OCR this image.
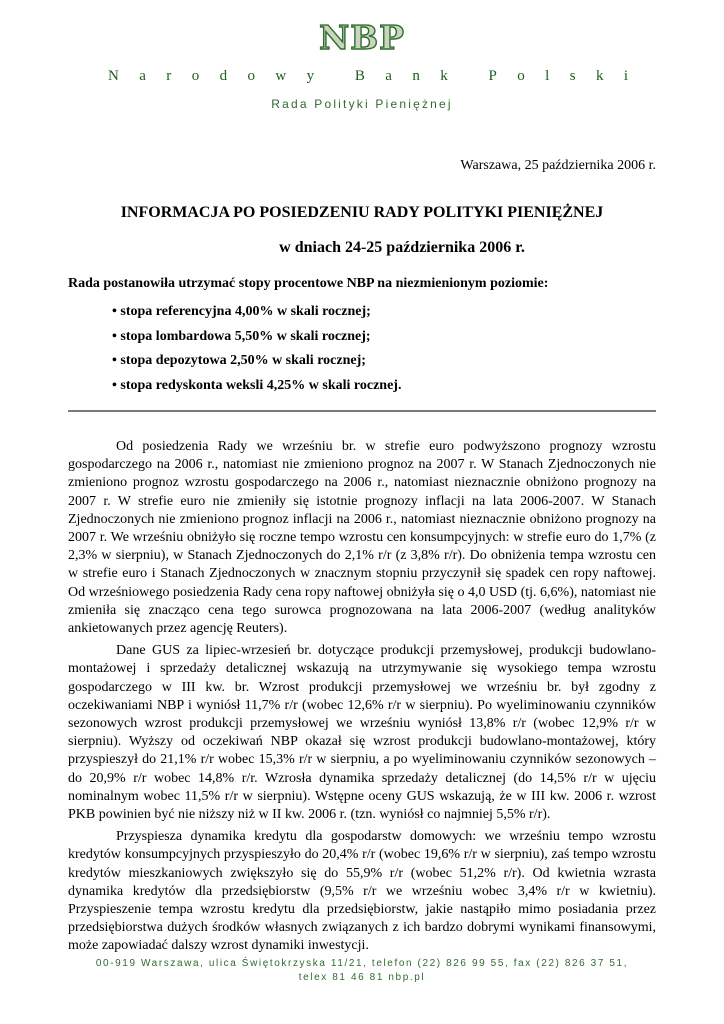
NBP
N a r o d o w y	B a n k	P o l s k i
Rada Polityki Pieniężnej
Warszawa, 25 października 2006 r.
INFORMACJA PO POSIEDZENIU RADY POLITYKI PIENIĘŻNEJ
w dniach 24-25 października 2006 r.
Rada postanowiła utrzymać stopy procentowe NBP na niezmienionym poziomie:
• stopa referencyjna 4,00% w skali rocznej;
• stopa lombardowa 5,50% w skali rocznej;
• stopa depozytowa 2,50% w skali rocznej;
• stopa redyskonta weksli 4,25% w skali rocznej.

Od posiedzenia Rady we wrześniu br. w strefie euro podwyższono prognozy wzrostu gospodarczego na 2006 r., natomiast nie zmieniono prognoz na 2007 r. W Stanach Zjednoczonych nie zmieniono prognoz wzrostu gospodarczego na 2006 r., natomiast nieznacznie obniżono prognozy na 2007 r. W strefie euro nie zmieniły się istotnie prognozy inflacji na lata 2006-2007. W Stanach Zjednoczonych nie zmieniono prognoz inflacji na 2006 r., natomiast nieznacznie obniżono prognozy na 2007 r. We wrześniu obniżyło się roczne tempo wzrostu cen konsumpcyjnych: w strefie euro do 1,7% (z 2,3% w sierpniu), w Stanach Zjednoczonych do 2,1% r/r (z 3,8% r/r). Do obniżenia tempa wzrostu cen w strefie euro i Stanach Zjednoczonych w znacznym stopniu przyczynił się spadek cen ropy naftowej. Od wrześniowego posiedzenia Rady cena ropy naftowej obniżyła się o 4,0 USD (tj. 6,6%), natomiast nie zmieniła się znacząco cena tego surowca prognozowana na lata 2006-2007 (według analityków ankietowanych przez agencję Reuters).

Dane GUS za lipiec-wrzesień br. dotyczące produkcji przemysłowej, produkcji budowlano-montażowej i sprzedaży detalicznej wskazują na utrzymywanie się wysokiego tempa wzrostu gospodarczego w III kw. br. Wzrost produkcji przemysłowej we wrześniu br. był zgodny z oczekiwaniami NBP i wyniósł 11,7% r/r (wobec 12,6% r/r w sierpniu). Po wyeliminowaniu czynników sezonowych wzrost produkcji przemysłowej we wrześniu wyniósł 13,8% r/r (wobec 12,9% r/r w sierpniu). Wyższy od oczekiwań NBP okazał się wzrost produkcji budowlano-montażowej, który przyspieszył do 21,1% r/r wobec 15,3% r/r w sierpniu, a po wyeliminowaniu czynników sezonowych – do 20,9% r/r wobec 14,8% r/r. Wzrosła dynamika sprzedaży detalicznej (do 14,5% r/r w ujęciu nominalnym wobec 11,5% r/r w sierpniu). Wstępne oceny GUS wskazują, że w III kw. 2006 r. wzrost PKB powinien być nie niższy niż w II kw. 2006 r. (tzn. wyniósł co najmniej 5,5% r/r).

Przyspiesza dynamika kredytu dla gospodarstw domowych: we wrześniu tempo wzrostu kredytów konsumpcyjnych przyspieszyło do 20,4% r/r (wobec 19,6% r/r w sierpniu), zaś tempo wzrostu kredytów mieszkaniowych zwiększyło się do 55,9% r/r (wobec 51,2% r/r). Od kwietnia wzrasta dynamika kredytów dla przedsiębiorstw (9,5% r/r we wrześniu wobec 3,4% r/r w kwietniu). Przyspieszenie tempa wzrostu kredytu dla przedsiębiorstw, jakie nastąpiło mimo posiadania przez przedsiębiorstwa dużych środków własnych związanych z ich bardzo dobrymi wynikami finansowymi, może zapowiadać dalszy wzrost dynamiki inwestycji.

00-919 Warszawa, ulica Świętokrzyska 11/21, telefon (22) 826 99 55, fax (22) 826 37 51,
telex 81 46 81 nbp.pl
